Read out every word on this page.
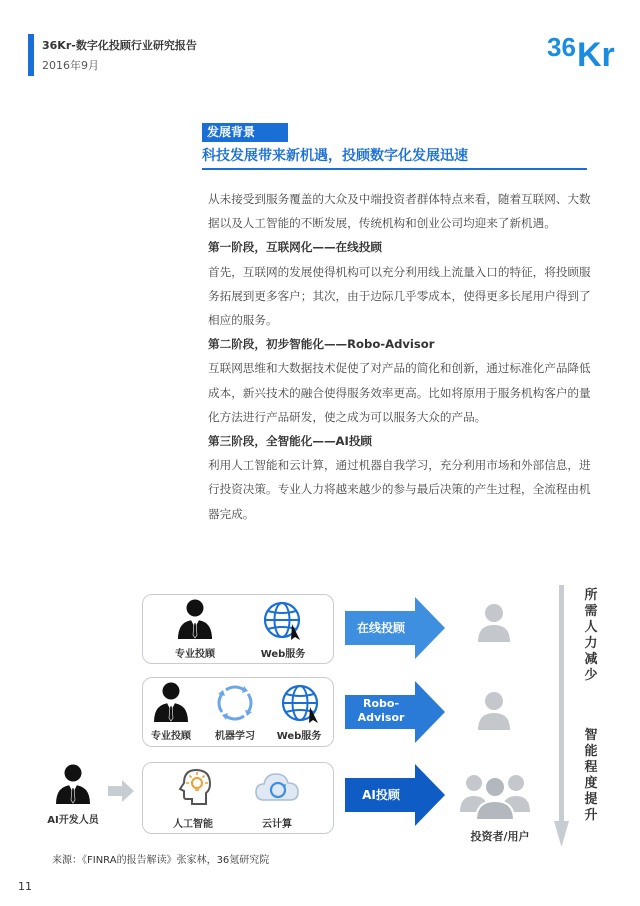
36Kr-数字化投顾行业研究报告
2016年9月
36 Kr
发展背景
科技发展带来新机遇，投顾数字化发展迅速

从未接受到服务覆盖的大众及中端投资者群体特点来看，随着互联网、大数据以及人工智能的不断发展，传统机构和创业公司均迎来了新机遇。

第一阶段，互联网化——在线投顾

首先，互联网的发展使得机构可以充分利用线上流量入口的特征，将投顾服务拓展到更多客户；其次，由于边际几乎零成本，使得更多长尾用户得到了相应的服务。

第二阶段，初步智能化——Robo-Advisor

互联网思维和大数据技术促使了对产品的简化和创新，通过标准化产品降低成本，新兴技术的融合使得服务效率更高。比如将原用于服务机构客户的量化方法进行产品研发，使之成为可以服务大众的产品。

第三阶段，全智能化——AI投顾

利用人工智能和云计算，通过机器自我学习，充分利用市场和外部信息，进行投资决策。专业人力将越来越少的参与最后决策的产生过程，全流程由机器完成。

专业投顾	Web服务
专业投顾	机器学习	Web服务
人工智能	云计算
AI开发人员
在线投顾
Robo-
Advisor
AI投顾
投资者/用户
所需人力减少
智能程度提升
来源：《FINRA的报告解读》张家林，36氪研究院
11
